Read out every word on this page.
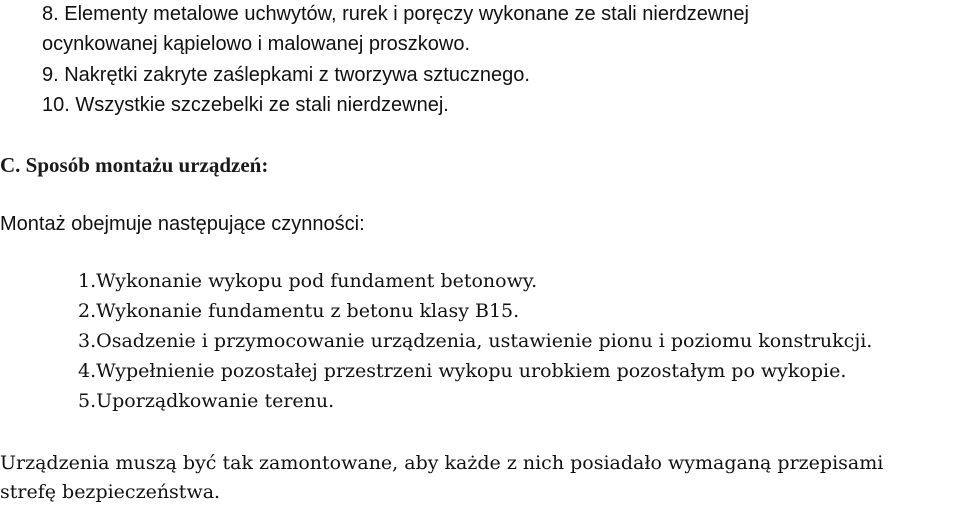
8. Elementy metalowe uchwytów, rurek i poręczy wykonane ze stali nierdzewnej
ocynkowanej kąpielowo i malowanej proszkowo.
9. Nakrętki zakryte zaślepkami z tworzywa sztucznego.
10. Wszystkie szczebelki ze stali nierdzewnej.
C. Sposób montażu urządzeń:
Montaż obejmuje następujące czynności:
1.Wykonanie wykopu pod fundament betonowy.
2.Wykonanie fundamentu z betonu klasy B15.
3.Osadzenie i przymocowanie urządzenia, ustawienie pionu i poziomu konstrukcji.
4.Wypełnienie pozostałej przestrzeni wykopu urobkiem pozostałym po wykopie.
5.Uporządkowanie terenu.
Urządzenia muszą być tak zamontowane, aby każde z nich posiadało wymaganą przepisami
strefę bezpieczeństwa.
